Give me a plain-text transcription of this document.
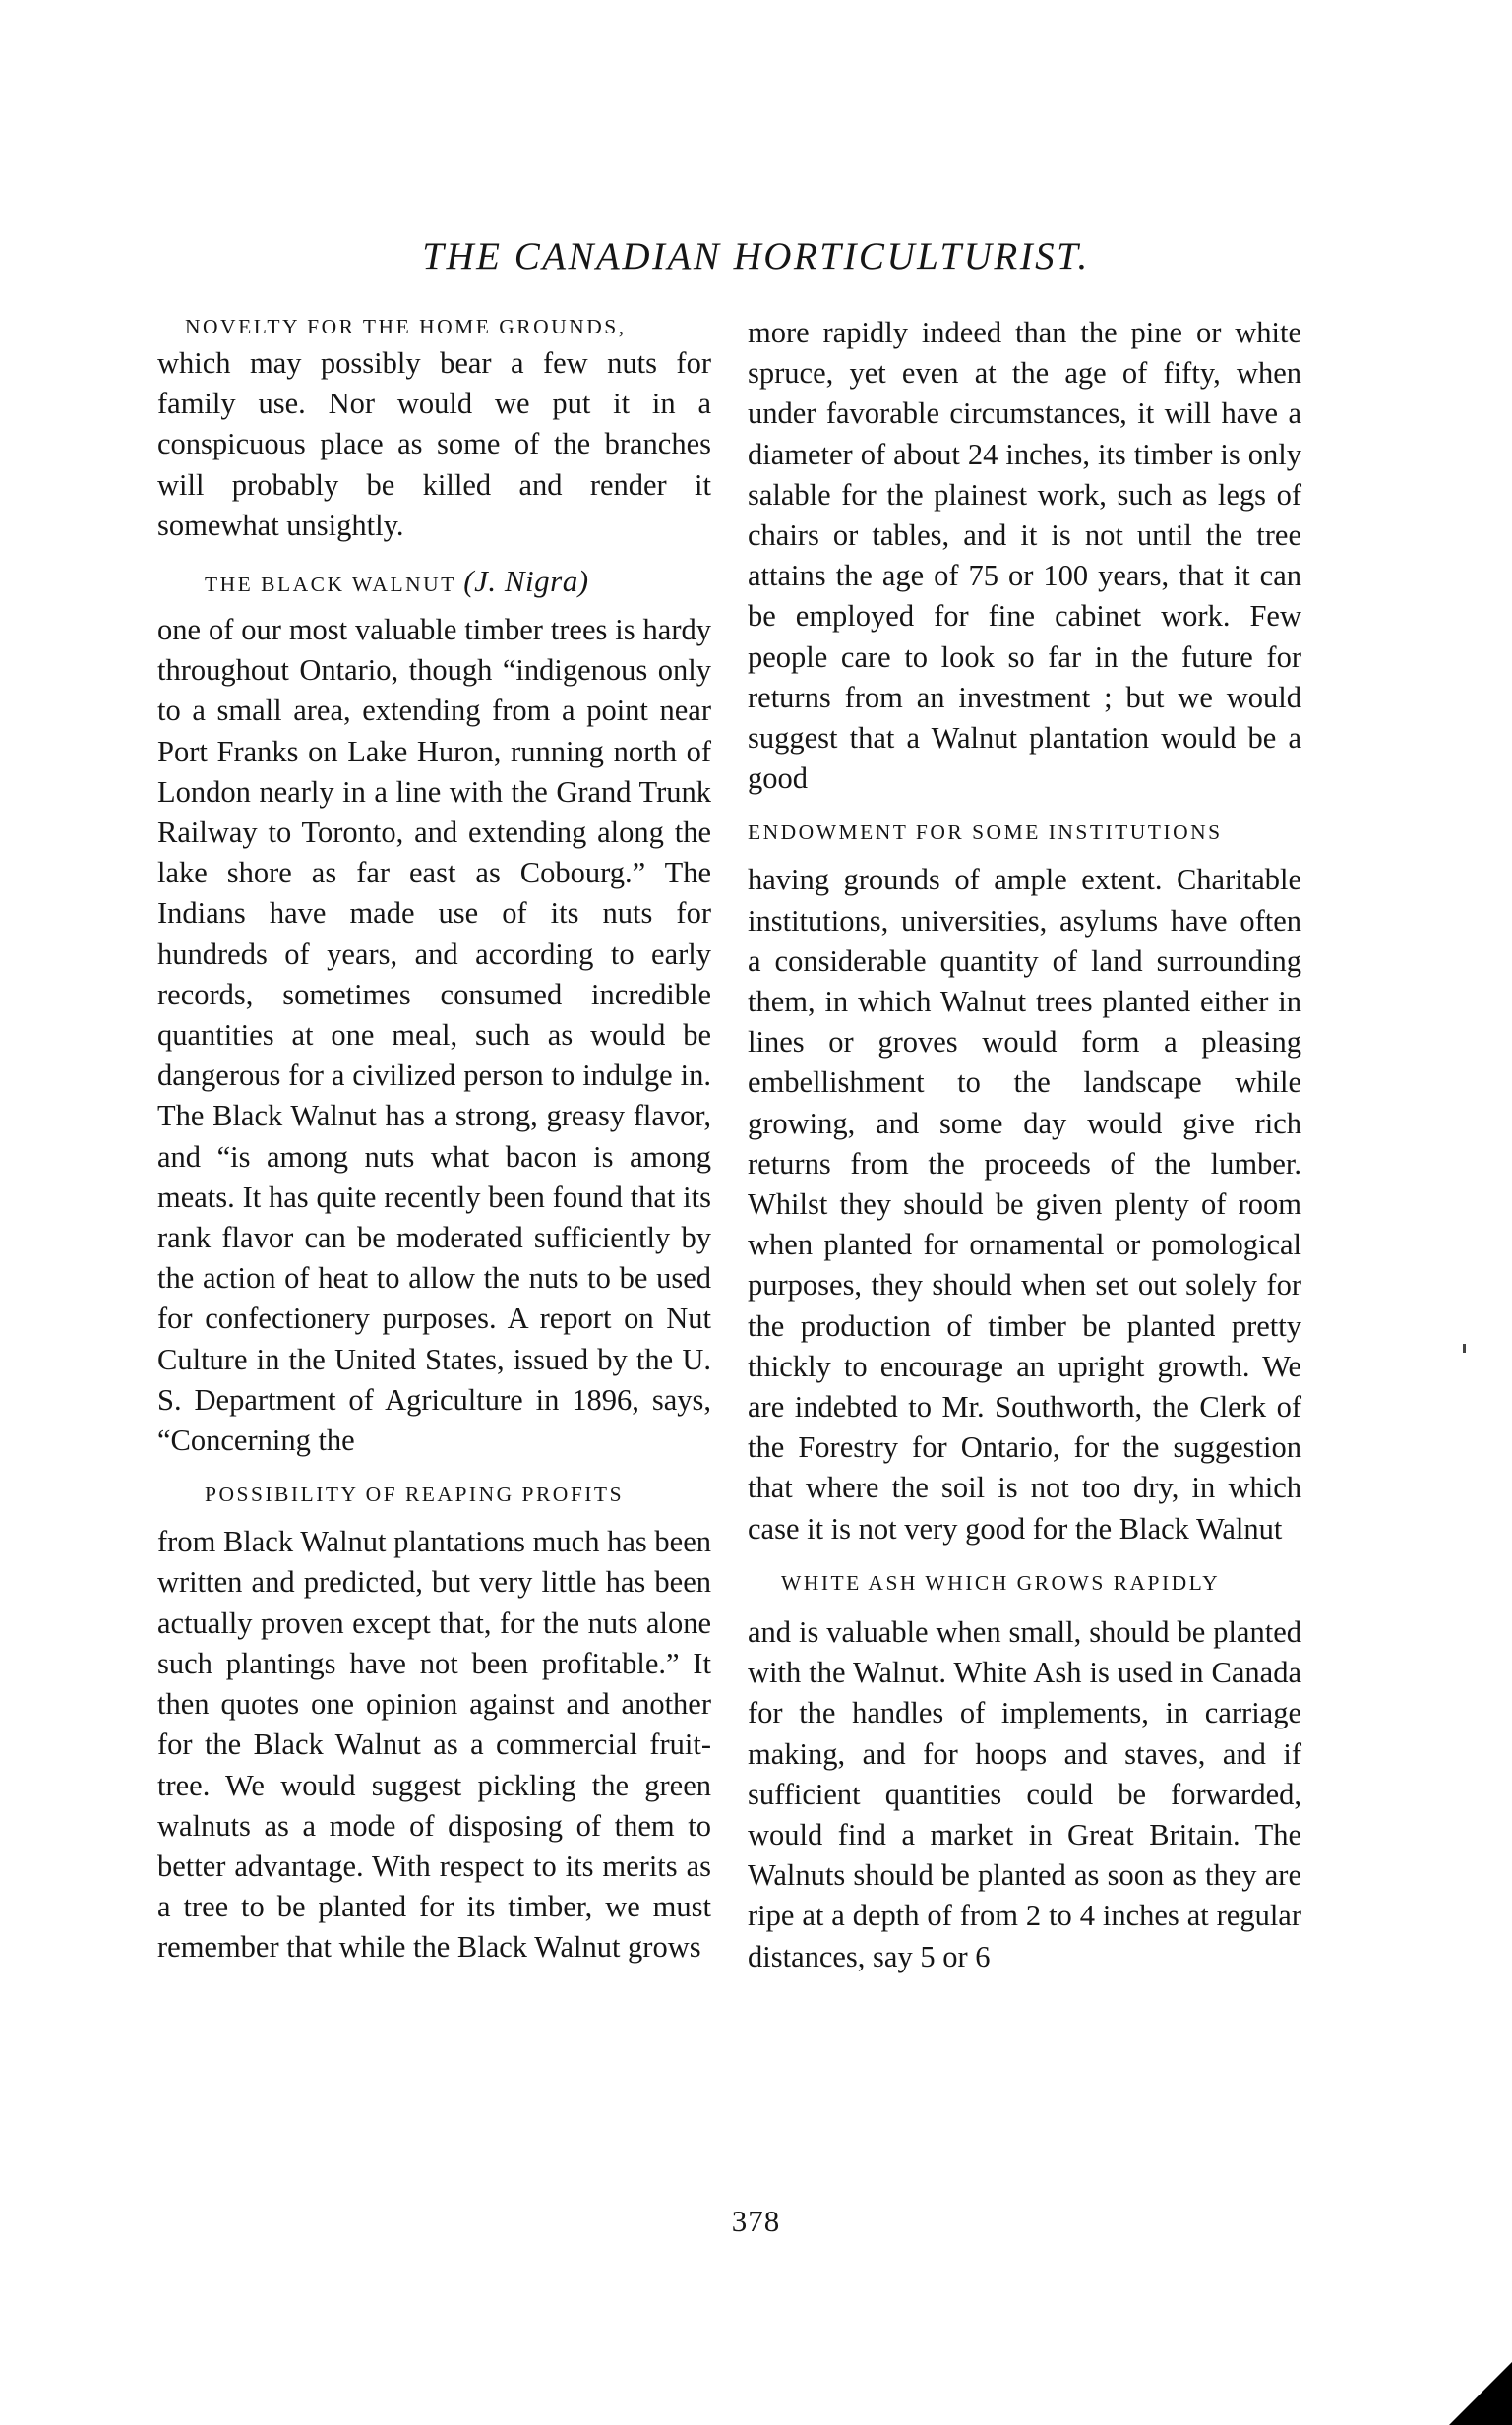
THE CANADIAN HORTICULTURIST.
NOVELTY FOR THE HOME GROUNDS,

which may possibly bear a few nuts for family use. Nor would we put it in a conspicuous place as some of the branches will probably be killed and render it somewhat unsightly.

THE BLACK WALNUT (J. Nigra)

one of our most valuable timber trees is hardy throughout Ontario, though “indigenous only to a small area, extending from a point near Port Franks on Lake Huron, running north of London nearly in a line with the Grand Trunk Railway to Toronto, and extending along the lake shore as far east as Cobourg.” The Indians have made use of its nuts for hundreds of years, and according to early records, sometimes consumed incredible quantities at one meal, such as would be dangerous for a civilized person to indulge in. The Black Walnut has a strong, greasy flavor, and “is among nuts what bacon is among meats. It has quite recently been found that its rank flavor can be moderated sufficiently by the action of heat to allow the nuts to be used for confectionery purposes. A report on Nut Culture in the United States, issued by the U. S. Department of Agriculture in 1896, says, “Concerning the

POSSIBILITY OF REAPING PROFITS

from Black Walnut plantations much has been written and predicted, but very little has been actually proven except that, for the nuts alone such plantings have not been profitable.” It then quotes one opinion against and another for the Black Walnut as a commercial fruit-tree. We would suggest pickling the green walnuts as a mode of disposing of them to better advantage. With respect to its merits as a tree to be planted for its timber, we must remember that while the Black Walnut grows

more rapidly indeed than the pine or white spruce, yet even at the age of fifty, when under favorable circumstances, it will have a diameter of about 24 inches, its timber is only salable for the plainest work, such as legs of chairs or tables, and it is not until the tree attains the age of 75 or 100 years, that it can be employed for fine cabinet work. Few people care to look so far in the future for returns from an investment ; but we would suggest that a Walnut plantation would be a good

ENDOWMENT FOR SOME INSTITUTIONS

having grounds of ample extent. Charitable institutions, universities, asylums have often a considerable quantity of land surrounding them, in which Walnut trees planted either in lines or groves would form a pleasing embellishment to the landscape while growing, and some day would give rich returns from the proceeds of the lumber. Whilst they should be given plenty of room when planted for ornamental or pomological purposes, they should when set out solely for the production of timber be planted pretty thickly to encourage an upright growth. We are indebted to Mr. Southworth, the Clerk of the Forestry for Ontario, for the suggestion that where the soil is not too dry, in which case it is not very good for the Black Walnut

WHITE ASH WHICH GROWS RAPIDLY

and is valuable when small, should be planted with the Walnut. White Ash is used in Canada for the handles of implements, in carriage making, and for hoops and staves, and if sufficient quantities could be forwarded, would find a market in Great Britain. The Walnuts should be planted as soon as they are ripe at a depth of from 2 to 4 inches at regular distances, say 5 or 6

378
